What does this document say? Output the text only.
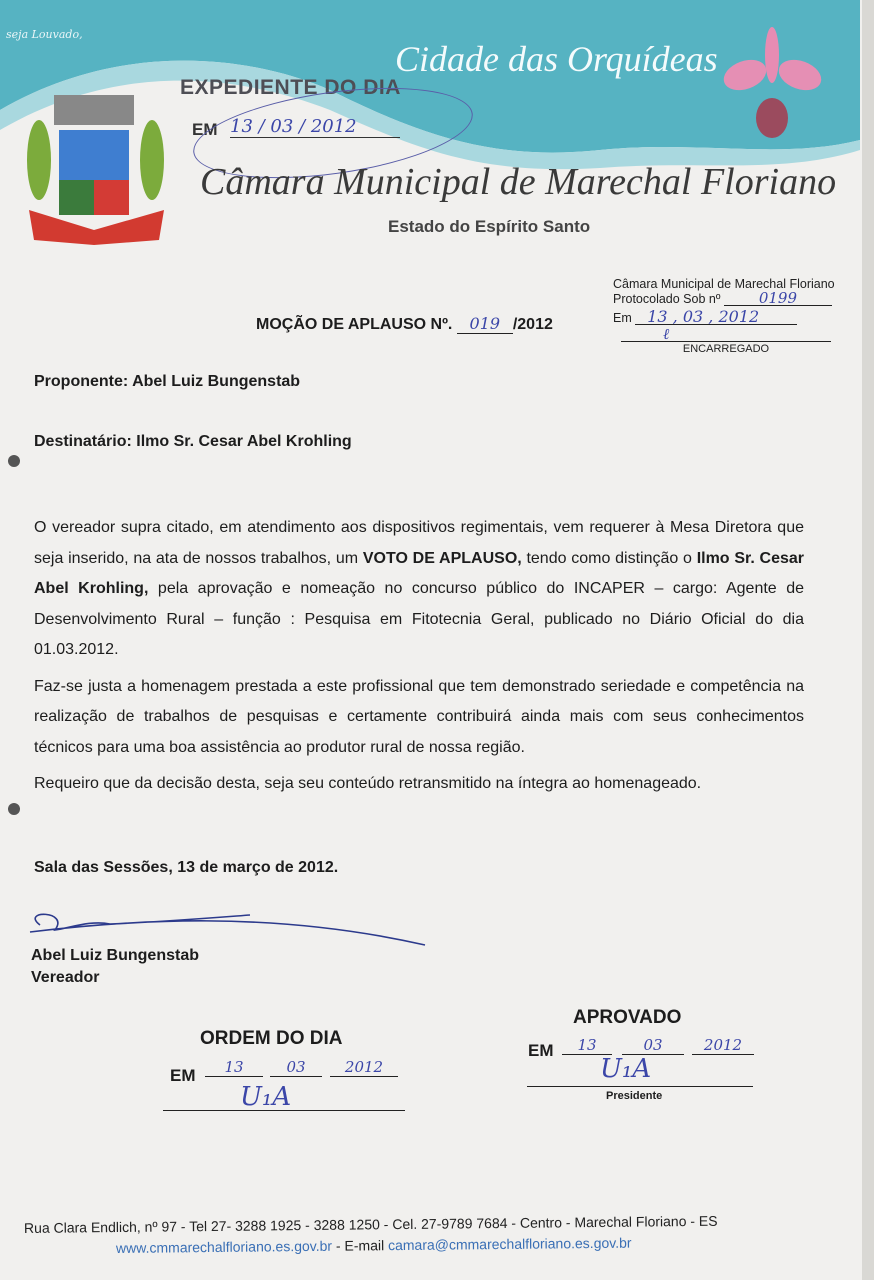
seja Louvado,
Cidade das Orquídeas
EXPEDIENTE DO DIA
EM 13 / 03 / 2012
Câmara Municipal de Marechal Floriano
Estado do Espírito Santo
Câmara Municipal de Marechal Floriano
Protocolado Sob nº	0199
Em 13 , 03 , 2012
ℓ
ENCARREGADO
MOÇÃO DE APLAUSO Nº. 019 /2012
Proponente: Abel Luiz Bungenstab
Destinatário: Ilmo Sr. Cesar Abel Krohling

O vereador supra citado, em atendimento aos dispositivos regimentais, vem requerer à Mesa Diretora que seja inserido, na ata de nossos trabalhos, um VOTO DE APLAUSO, tendo como distinção o Ilmo Sr. Cesar Abel Krohling, pela aprovação e nomeação no concurso público do INCAPER – cargo: Agente de Desenvolvimento Rural – função : Pesquisa em Fitotecnia Geral, publicado no Diário Oficial do dia 01.03.2012.

Faz-se justa a homenagem prestada a este profissional que tem demonstrado seriedade e competência na realização de trabalhos de pesquisas e certamente contribuirá ainda mais com seus conhecimentos técnicos para uma boa assistência ao produtor rural de nossa região.

Requeiro que da decisão desta, seja seu conteúdo retransmitido na íntegra ao homenageado.

Sala das Sessões, 13 de março de 2012.
Abel Luiz Bungenstab
Vereador
ORDEM DO DIA
EM	13	03	2012
U₁A
APROVADO
EM	13	03	2012
U₁A
Presidente
Rua Clara Endlich, nº 97 - Tel 27- 3288 1925 - 3288 1250 - Cel. 27-9789 7684 - Centro - Marechal Floriano - ES
www.cmmarechalfloriano.es.gov.br - E-mail camara@cmmarechalfloriano.es.gov.br
